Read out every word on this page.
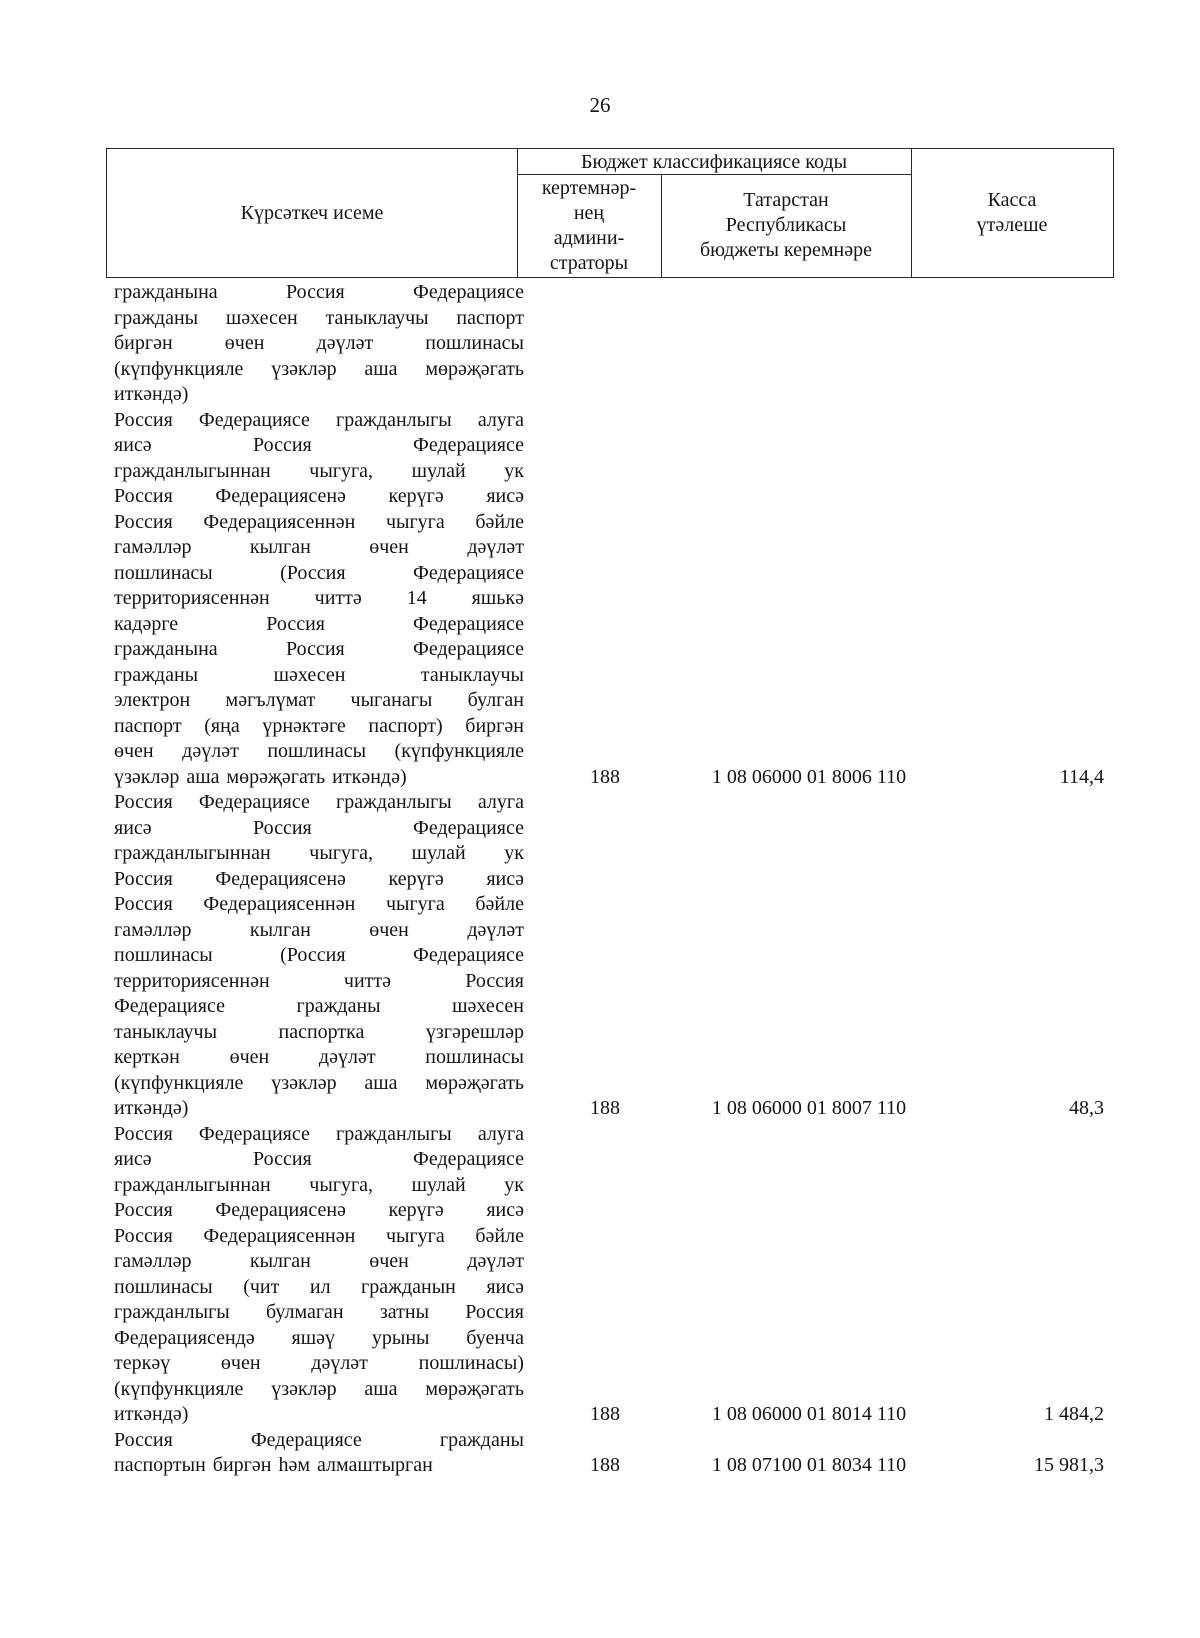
26
Күрсәткеч исеме
Бюджет классификациясе коды
кертемнәр-
нең
админи-
страторы
Татарстан
Республикасы
бюджеты керемнәре
Касса
үтәлеше
гражданына	Россия	Федерациясе
гражданы шәхесен таныклаучы паспорт
биргән	өчен	дәүләт	пошлинасы
(күпфункцияле үзәкләр аша мөрәҗәгать
иткәндә)
Россия Федерациясе гражданлыгы алуга
яисә	Россия	Федерациясе
гражданлыгыннан чыгуга, шулай ук
Россия Федерациясенә керүгә яисә
Россия Федерациясеннән чыгуга бәйле
гамәлләр	кылган	өчен	дәүләт
пошлинасы	(Россия	Федерациясе
территориясеннән читтә 14 яшькә
кадәрге	Россия	Федерациясе
гражданына	Россия	Федерациясе
гражданы	шәхесен	таныклаучы
электрон мәгълүмат чыганагы булган
паспорт (яңа үрнәктәге паспорт) биргән
өчен дәүләт пошлинасы (күпфункцияле
үзәкләр аша мөрәҗәгать иткәндә)	188	1 08 06000 01 8006 110	114,4
Россия Федерациясе гражданлыгы алуга
яисә	Россия	Федерациясе
гражданлыгыннан чыгуга, шулай ук
Россия Федерациясенә керүгә яисә
Россия Федерациясеннән чыгуга бәйле
гамәлләр	кылган	өчен	дәүләт
пошлинасы	(Россия	Федерациясе
территориясеннән	читтә	Россия
Федерациясе	гражданы	шәхесен
таныклаучы	паспортка	үзгәрешләр
керткән өчен дәүләт пошлинасы
(күпфункцияле үзәкләр аша мөрәҗәгать
иткәндә)	188	1 08 06000 01 8007 110	48,3
Россия Федерациясе гражданлыгы алуга
яисә	Россия	Федерациясе
гражданлыгыннан чыгуга, шулай ук
Россия Федерациясенә керүгә яисә
Россия Федерациясеннән чыгуга бәйле
гамәлләр	кылган	өчен	дәүләт
пошлинасы (чит ил гражданын яисә
гражданлыгы булмаган затны Россия
Федерациясендә яшәү урыны буенча
теркәү	өчен	дәүләт	пошлинасы)
(күпфункцияле үзәкләр аша мөрәҗәгать
иткәндә)	188	1 08 06000 01 8014 110	1 484,2
Россия	Федерациясе	гражданы
паспортын биргән һәм алмаштырган	188	1 08 07100 01 8034 110	15 981,3
